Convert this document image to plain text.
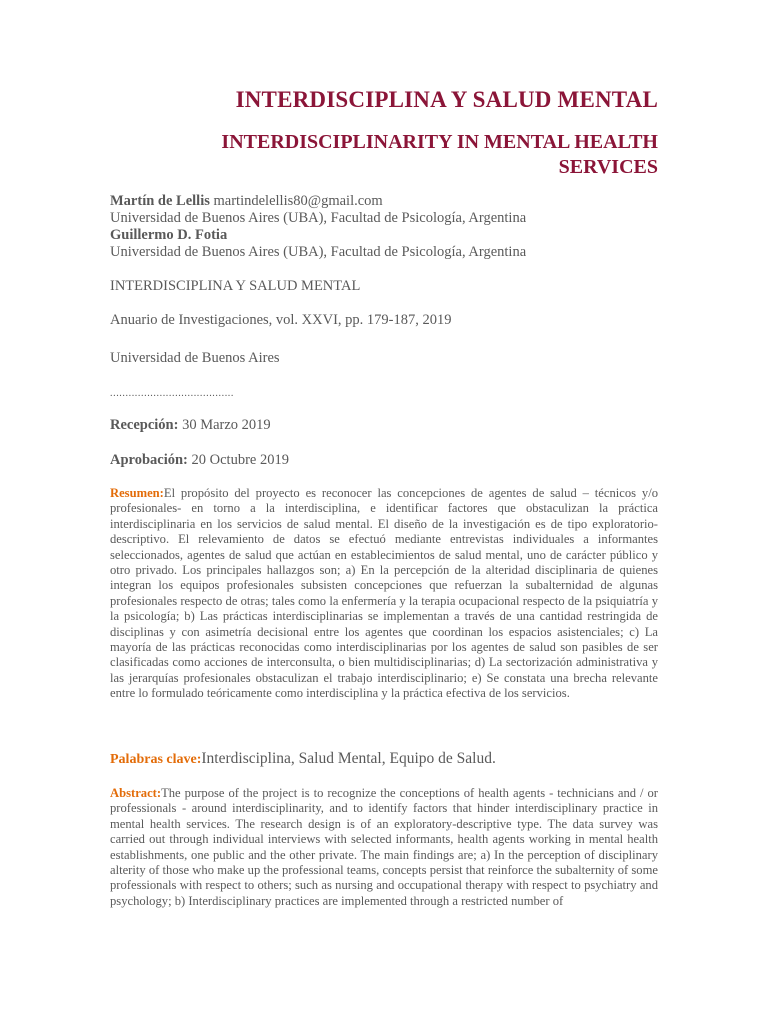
INTERDISCIPLINA Y SALUD MENTAL
INTERDISCIPLINARITY IN MENTAL HEALTH
SERVICES
Martín de Lellis martindelellis80@gmail.com
Universidad de Buenos Aires (UBA), Facultad de Psicología, Argentina
Guillermo D. Fotia
Universidad de Buenos Aires (UBA), Facultad de Psicología, Argentina
INTERDISCIPLINA Y SALUD MENTAL
Anuario de Investigaciones, vol. XXVI, pp. 179-187, 2019
Universidad de Buenos Aires
........................................
Recepción: 30 Marzo 2019
Aprobación: 20 Octubre 2019

Resumen:El propósito del proyecto es reconocer las concepciones de agentes de salud – técnicos y/o profesionales- en torno a la interdisciplina, e identificar factores que obstaculizan la práctica interdisciplinaria en los servicios de salud mental. El diseño de la investigación es de tipo exploratorio-descriptivo. El relevamiento de datos se efectuó mediante entrevistas individuales a informantes seleccionados, agentes de salud que actúan en establecimientos de salud mental, uno de carácter público y otro privado. Los principales hallazgos son; a) En la percepción de la alteridad disciplinaria de quienes integran los equipos profesionales subsisten concepciones que refuerzan la subalternidad de algunas profesionales respecto de otras; tales como la enfermería y la terapia ocupacional respecto de la psiquiatría y la psicología; b) Las prácticas interdisciplinarias se implementan a través de una cantidad restringida de disciplinas y con asimetría decisional entre los agentes que coordinan los espacios asistenciales; c) La mayoría de las prácticas reconocidas como interdisciplinarias por los agentes de salud son pasibles de ser clasificadas como acciones de interconsulta, o bien multidisciplinarias; d) La sectorización administrativa y las jerarquías profesionales obstaculizan el trabajo interdisciplinario; e) Se constata una brecha relevante entre lo formulado teóricamente como interdisciplina y la práctica efectiva de los servicios.

Palabras clave:Interdisciplina, Salud Mental, Equipo de Salud.

Abstract:The purpose of the project is to recognize the conceptions of health agents - technicians and / or professionals - around interdisciplinarity, and to identify factors that hinder interdisciplinary practice in mental health services. The research design is of an exploratory-descriptive type. The data survey was carried out through individual interviews with selected informants, health agents working in mental health establishments, one public and the other private. The main findings are; a) In the perception of disciplinary alterity of those who make up the professional teams, concepts persist that reinforce the subalternity of some professionals with respect to others; such as nursing and occupational therapy with respect to psychiatry and psychology; b) Interdisciplinary practices are implemented through a restricted number of
